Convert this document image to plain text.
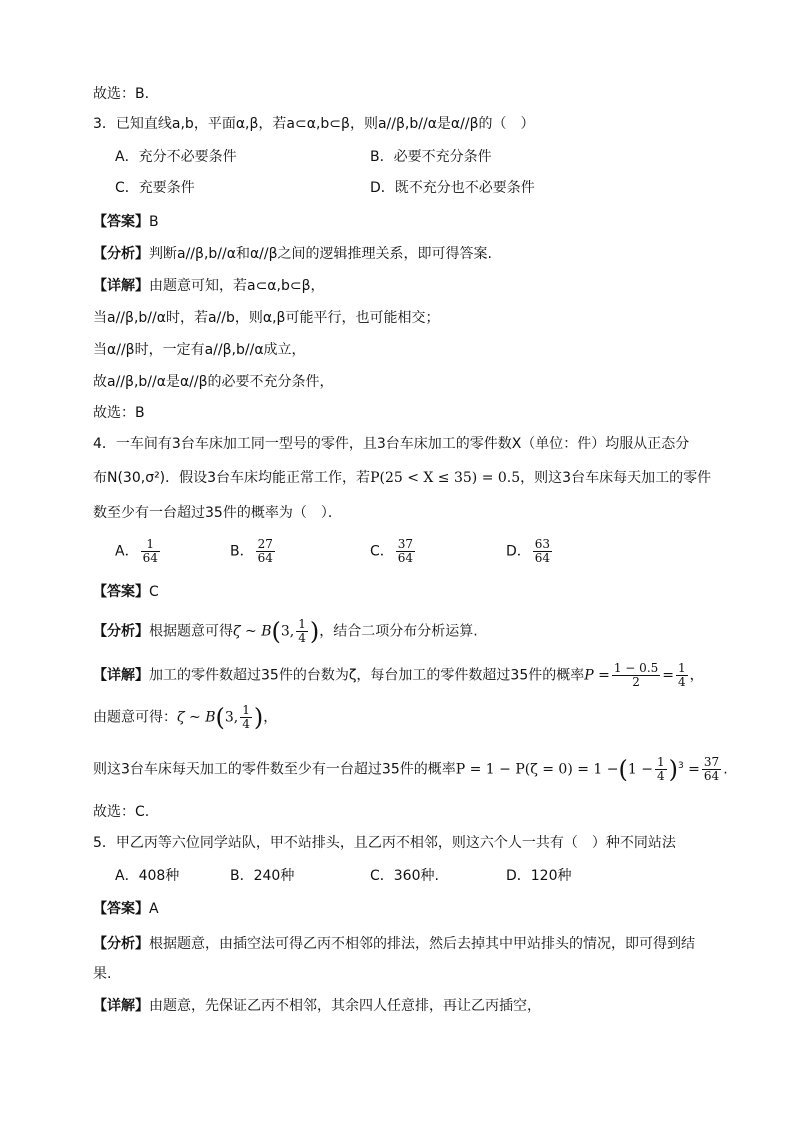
故选：B.
3．已知直线a,b，平面α,β，若a⊂α,b⊂β，则a//β,b//α是α//β的（　）
A．充分不必要条件	B．必要不充分条件
C．充要条件	D．既不充分也不必要条件
【答案】B
【分析】判断a//β,b//α和α//β之间的逻辑推理关系，即可得答案.
【详解】由题意可知，若a⊂α,b⊂β，
当a//β,b//α时，若a//b，则α,β可能平行，也可能相交；
当α//β时，一定有a//β,b//α成立，
故a//β,b//α是α//β的必要不充分条件，
故选：B
4．一车间有3台车床加工同一型号的零件，且3台车床加工的零件数X（单位：件）均服从正态分
布N(30,σ²)．假设3台车床均能正常工作，若P(25 < X ≤ 35) = 0.5，则这3台车床每天加工的零件
数至少有一台超过35件的概率为（　）．
A． $\frac{1}{64}$	B． $\frac{27}{64}$	C． $\frac{37}{64}$	D． $\frac{63}{64}$
【答案】C
【分析】根据题意可得ζ ~ B(3, $\frac{1}{4}$ )，结合二项分布分析运算.
【详解】加工的零件数超过35件的台数为ζ，每台加工的零件数超过35件的概率$P = \frac{1 - 0.5}{2} = \frac{1}{4}$ ，
由题意可得：ζ ~ B(3, $\frac{1}{4}$ )，
则这3台车床每天加工的零件数至少有一台超过35件的概率$P = 1 - P(\zeta = 0) = 1 -(1 - \frac{1}{4} )^3 = \frac{37}{64}$ .
故选：C.
5．甲乙丙等六位同学站队，甲不站排头，且乙丙不相邻，则这六个人一共有（　）种不同站法
A．408种	B．240种	C．360种.	D．120种
【答案】A
【分析】根据题意，由插空法可得乙丙不相邻的排法，然后去掉其中甲站排头的情况，即可得到结
果.
【详解】由题意，先保证乙丙不相邻，其余四人任意排，再让乙丙插空，
